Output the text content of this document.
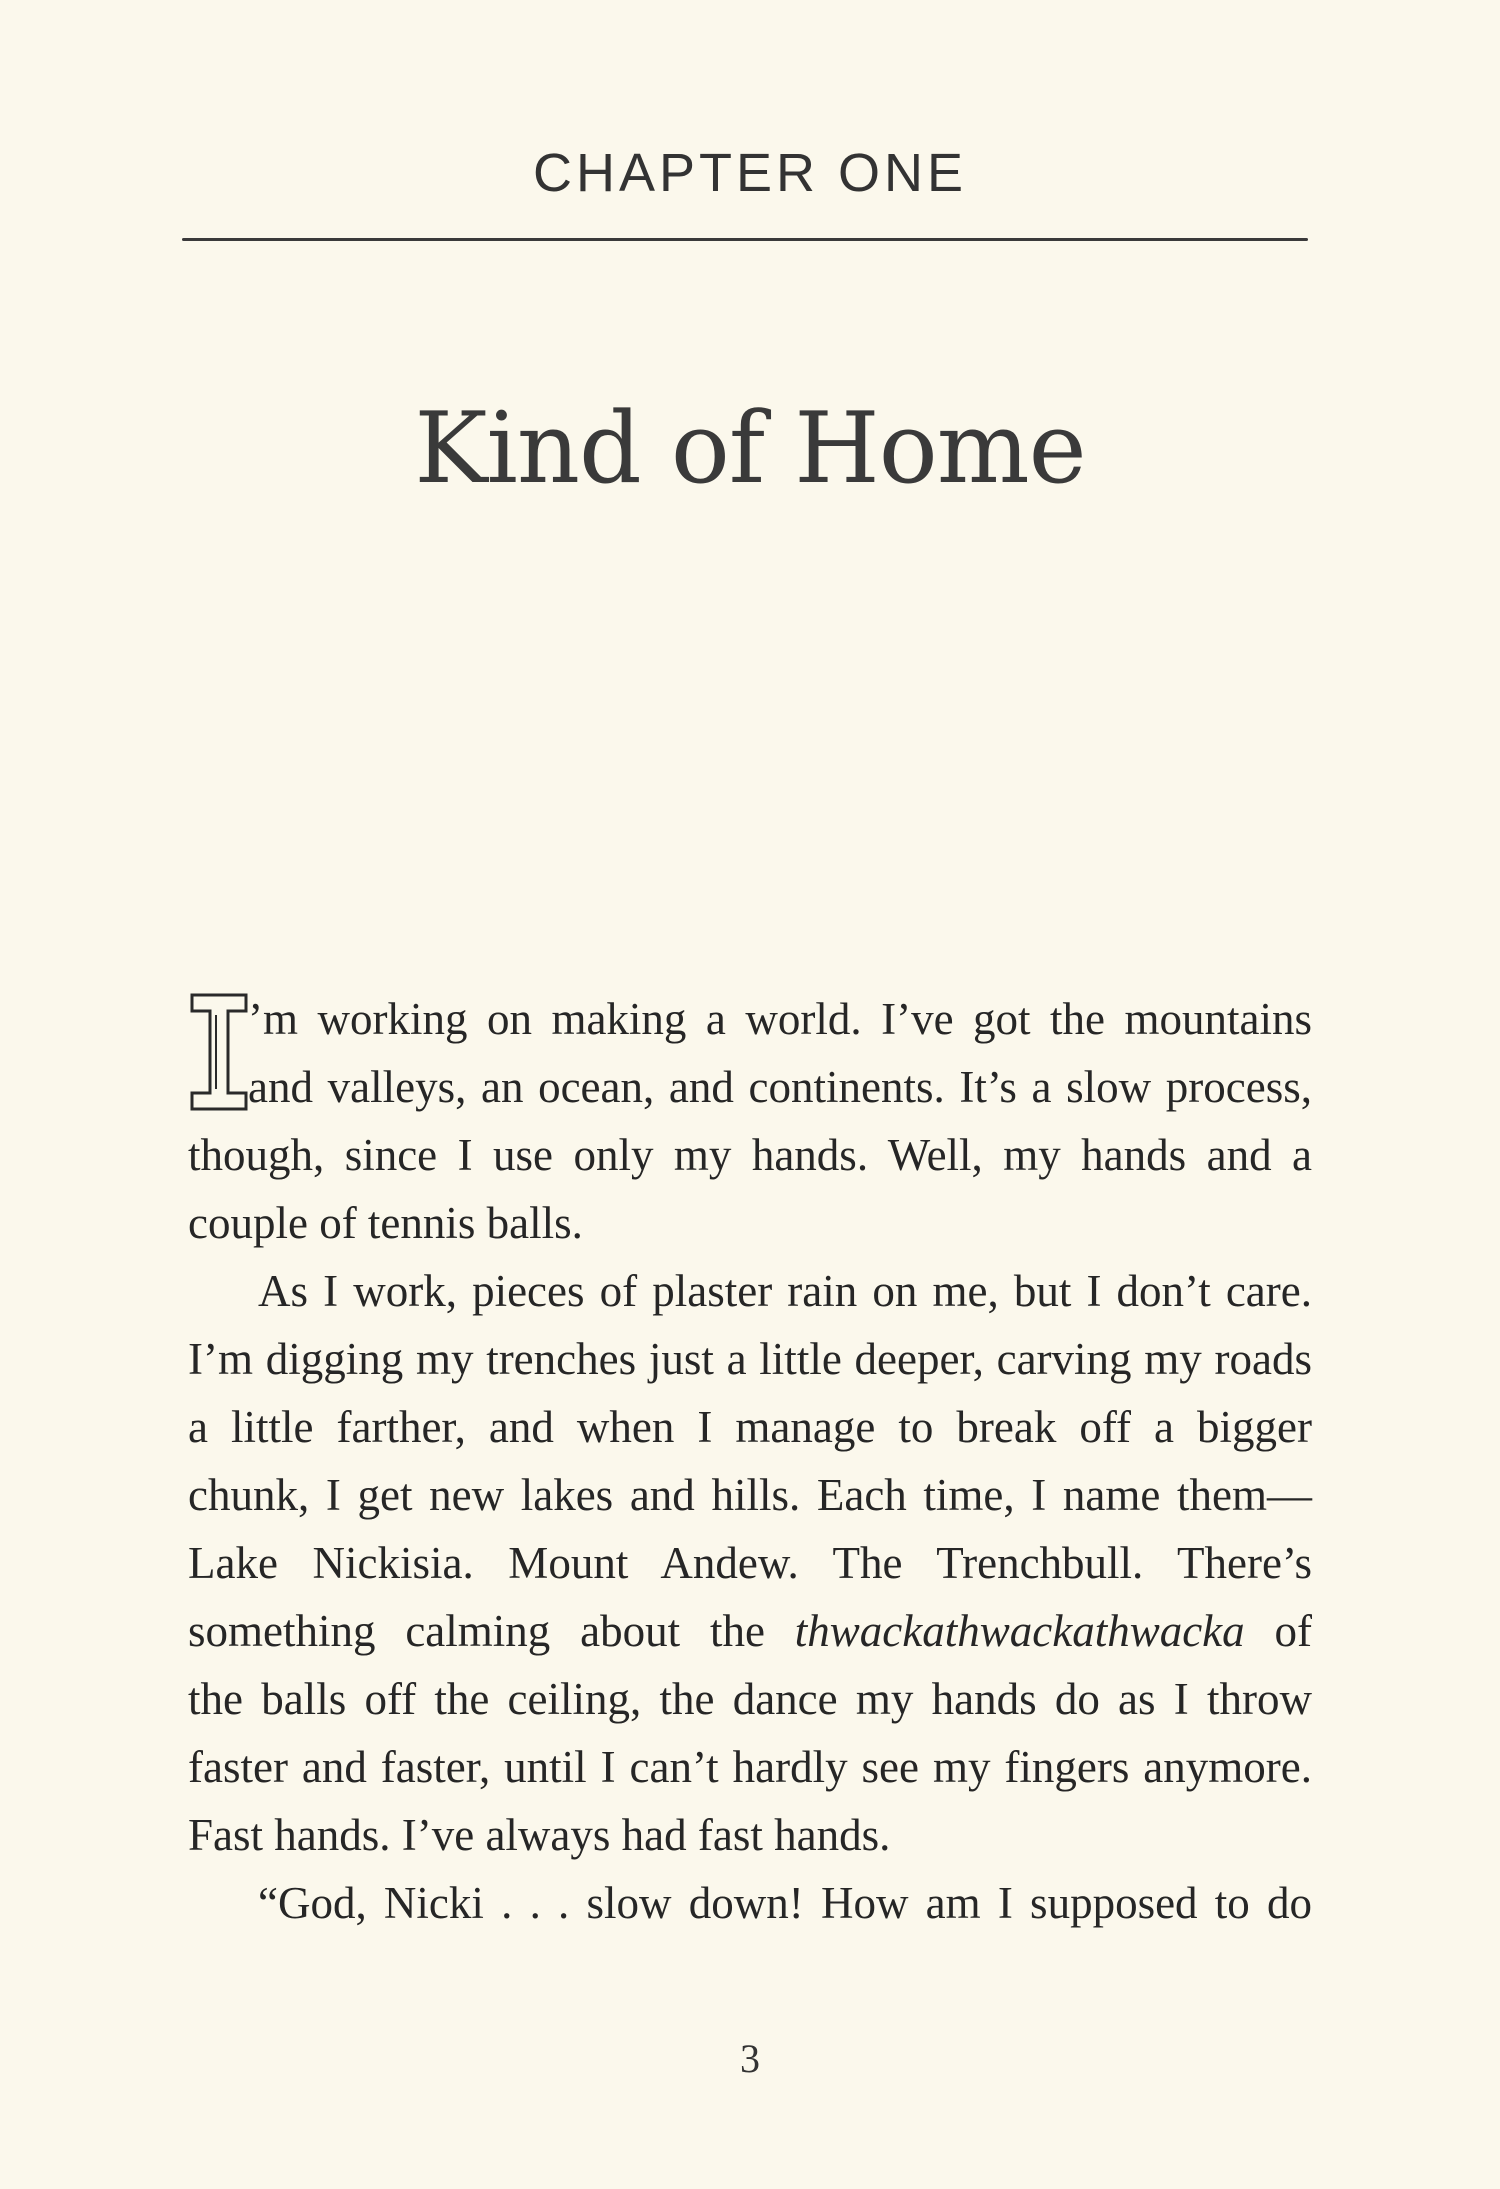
CHAPTER ONE
Kind of Home
I
’m working on making a world. I’ve got the mountains
and valleys, an ocean, and continents. It’s a slow process,
though, since I use only my hands. Well, my hands and a
couple of tennis balls.
As I work, pieces of plaster rain on me, but I don’t care.
I’m digging my trenches just a little deeper, carving my roads
a little farther, and when I manage to break off a bigger
chunk, I get new lakes and hills. Each time, I name them—
Lake Nickisia. Mount Andew. The Trenchbull. There’s
something calming about the thwackathwackathwacka of
the balls off the ceiling, the dance my hands do as I throw
faster and faster, until I can’t hardly see my fingers anymore.
Fast hands. I’ve always had fast hands.
“God, Nicki . . . slow down! How am I supposed to do
3
